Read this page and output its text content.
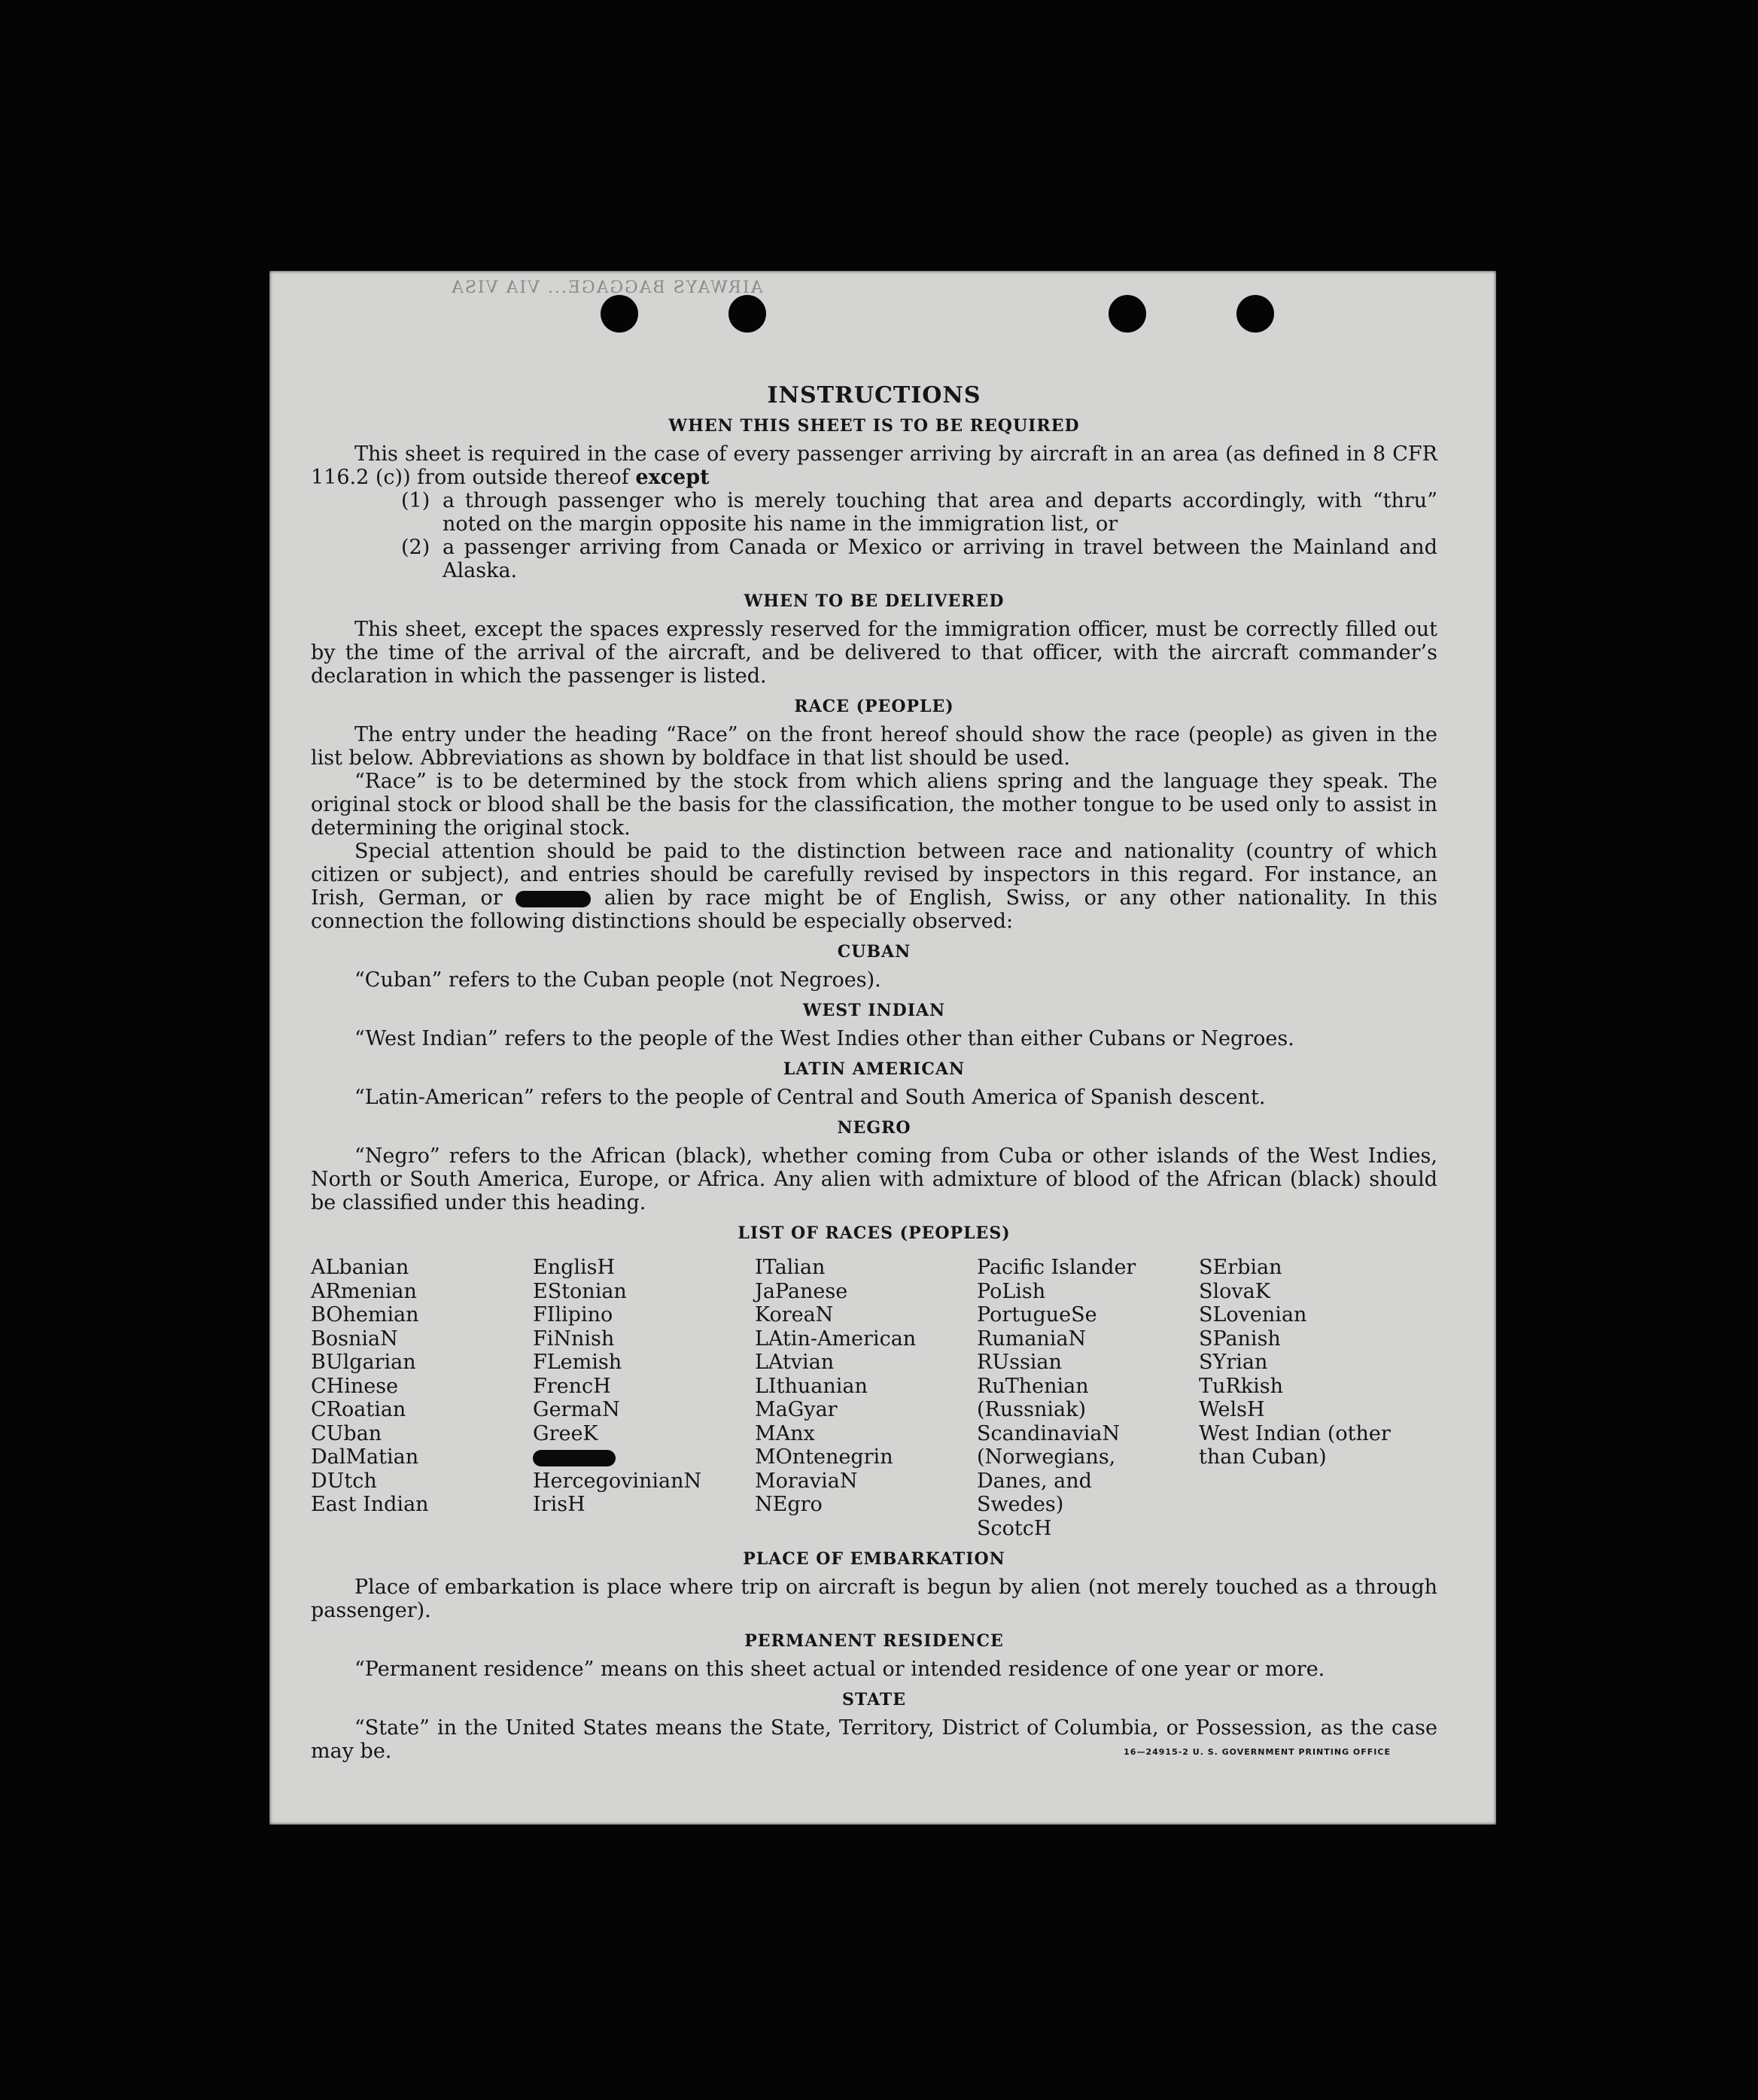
AIRWAYS BAGGAGE... VIA VISA
INSTRUCTIONS
WHEN THIS SHEET IS TO BE REQUIRED

This sheet is required in the case of every passenger arriving by aircraft in an area (as defined in 8 CFR 116.2 (c)) from outside thereof except

(1) a through passenger who is merely touching that area and departs accordingly, with “thru” noted on the margin opposite his name in the immigration list, or
(2) a passenger arriving from Canada or Mexico or arriving in travel between the Mainland and Alaska.
WHEN TO BE DELIVERED

This sheet, except the spaces expressly reserved for the immigration officer, must be correctly filled out by the time of the arrival of the aircraft, and be delivered to that officer, with the aircraft commander’s declaration in which the passenger is listed.

RACE (PEOPLE)

The entry under the heading “Race” on the front hereof should show the race (people) as given in the list below. Abbreviations as shown by boldface in that list should be used.

“Race” is to be determined by the stock from which aliens spring and the language they speak. The original stock or blood shall be the basis for the classification, the mother tongue to be used only to assist in determining the original stock.

Special attention should be paid to the distinction between race and nationality (country of which citizen or subject), and entries should be carefully revised by inspectors in this regard. For instance, an Irish, German, or	alien by race might be of English, Swiss, or any other nationality. In this connection the following distinctions should be especially observed:

CUBAN

“Cuban” refers to the Cuban people (not Negroes).

WEST INDIAN

“West Indian” refers to the people of the West Indies other than either Cubans or Negroes.

LATIN AMERICAN

“Latin-American” refers to the people of Central and South America of Spanish descent.

NEGRO

“Negro” refers to the African (black), whether coming from Cuba or other islands of the West Indies, North or South America, Europe, or Africa. Any alien with admixture of blood of the African (black) should be classified under this heading.

LIST OF RACES (PEOPLES)
ALbanian
ARmenian
BOhemian
BosniaN
BUlgarian
CHinese
CRoatian
CUban
DalMatian
DUtch
East Indian
EnglisH
EStonian
FIlipino
FiNnish
FLemish
FrencH
GermaN
GreeK
HercegovinianN
IrisH
ITalian
JaPanese
KoreaN
LAtin-American
LAtvian
LIthuanian
MaGyar
MAnx
MOntenegrin
MoraviaN
NEgro
Pacific Islander
PoLish
PortugueSe
RumaniaN
RUssian
RuThenian (Russniak)
ScandinaviaN (Norwegians, Danes, and Swedes)
ScotcH
SErbian
SlovaK
SLovenian
SPanish
SYrian
TuRkish
WelsH
West Indian (other than Cuban)
PLACE OF EMBARKATION

Place of embarkation is place where trip on aircraft is begun by alien (not merely touched as a through passenger).

PERMANENT RESIDENCE

“Permanent residence” means on this sheet actual or intended residence of one year or more.

STATE

“State” in the United States means the State, Territory, District of Columbia, or Possession, as the case may be.	16—24915-2 U. S. GOVERNMENT PRINTING OFFICE
